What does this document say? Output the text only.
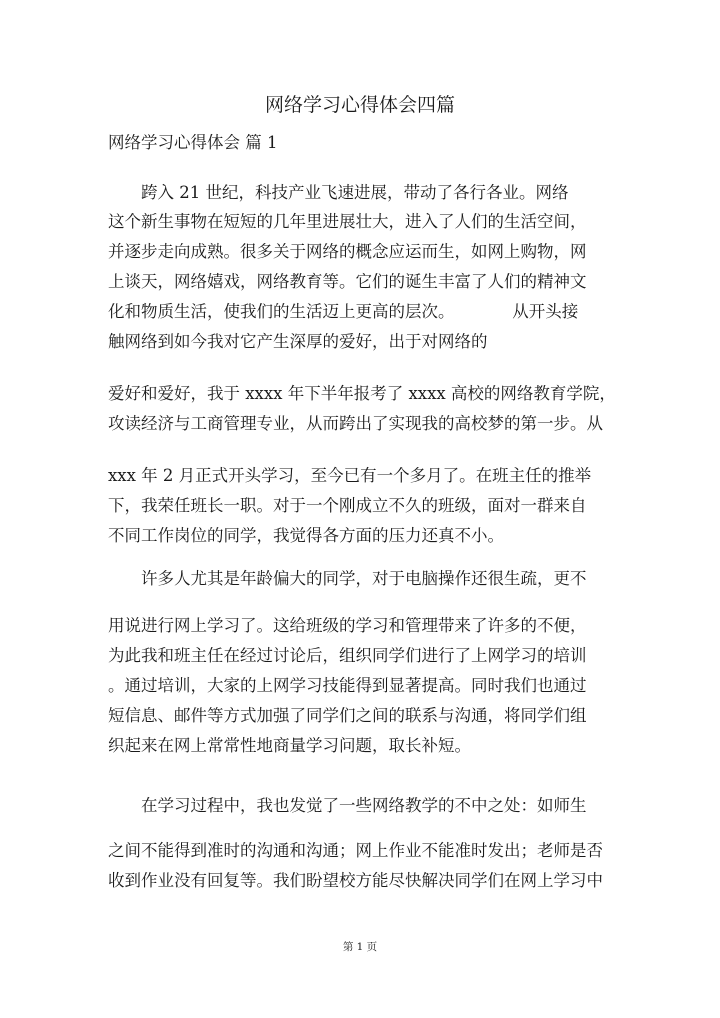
网络学习心得体会四篇
网络学习心得体会 篇 1
　　跨入 21 世纪，科技产业飞速进展，带动了各行各业。网络
这个新生事物在短短的几年里进展壮大，进入了人们的生活空间，
并逐步走向成熟。很多关于网络的概念应运而生，如网上购物，网
上谈天，网络嬉戏，网络教育等。它们的诞生丰富了人们的精神文
化和物质生活，使我们的生活迈上更高的层次。　　　　从开头接
触网络到如今我对它产生深厚的爱好，出于对网络的
爱好和爱好，我于 xxxx 年下半年报考了 xxxx 高校的网络教育学院，
攻读经济与工商管理专业，从而跨出了实现我的高校梦的第一步。从
xxx 年 2 月正式开头学习，至今已有一个多月了。在班主任的推举
下，我荣任班长一职。对于一个刚成立不久的班级，面对一群来自
不同工作岗位的同学，我觉得各方面的压力还真不小。
　　许多人尤其是年龄偏大的同学，对于电脑操作还很生疏，更不
用说进行网上学习了。这给班级的学习和管理带来了许多的不便，
为此我和班主任在经过讨论后，组织同学们进行了上网学习的培训
。通过培训，大家的上网学习技能得到显著提高。同时我们也通过
短信息、邮件等方式加强了同学们之间的联系与沟通，将同学们组
织起来在网上常常性地商量学习问题，取长补短。
　　在学习过程中，我也发觉了一些网络教学的不中之处：如师生
之间不能得到准时的沟通和沟通；网上作业不能准时发出；老师是否
收到作业没有回复等。我们盼望校方能尽快解决同学们在网上学习中
第 1 页
